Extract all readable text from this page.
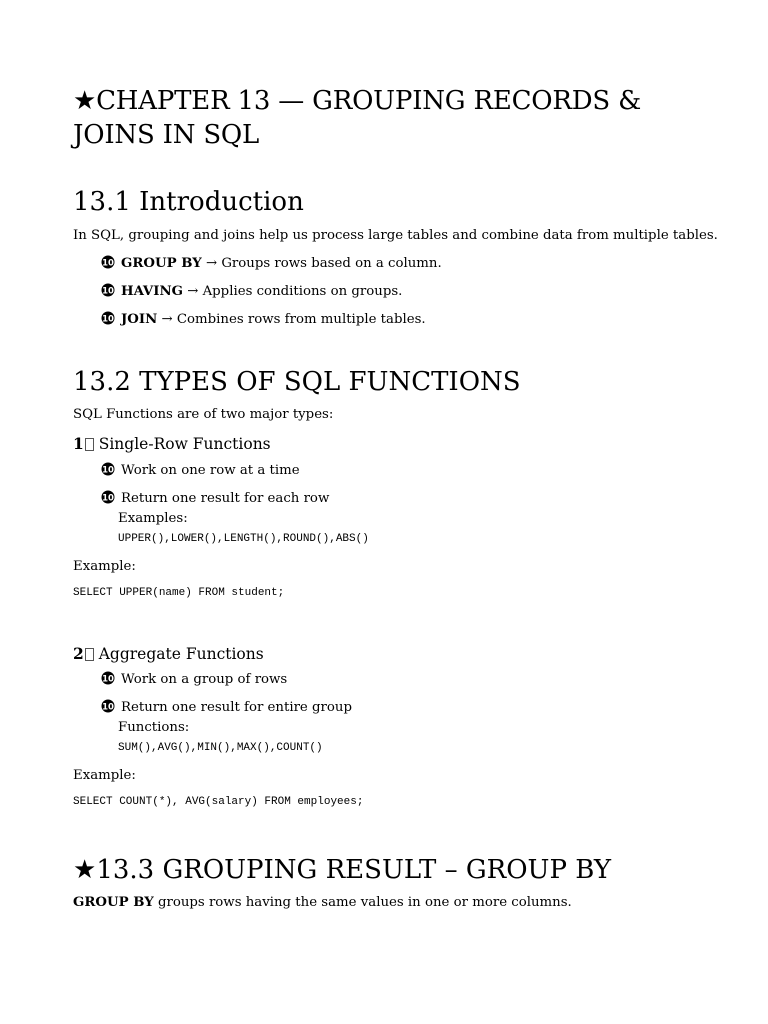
★CHAPTER 13 — GROUPING RECORDS &
JOINS IN SQL
13.1 Introduction
In SQL, grouping and joins help us process large tables and combine data from multiple tables.
10 GROUP BY → Groups rows based on a column.
10 HAVING → Applies conditions on groups.
10 JOIN → Combines rows from multiple tables.
13.2 TYPES OF SQL FUNCTIONS
SQL Functions are of two major types:
1 Single-Row Functions
10 Work on one row at a time
10 Return one result for each row
Examples:
UPPER(),LOWER(),LENGTH(),ROUND(),ABS()
Example:
SELECT UPPER(name) FROM student;
2 Aggregate Functions
10 Work on a group of rows
10 Return one result for entire group
Functions:
SUM(),AVG(),MIN(),MAX(),COUNT()
Example:
SELECT COUNT(*), AVG(salary) FROM employees;
★13.3 GROUPING RESULT – GROUP BY
GROUP BY groups rows having the same values in one or more columns.
